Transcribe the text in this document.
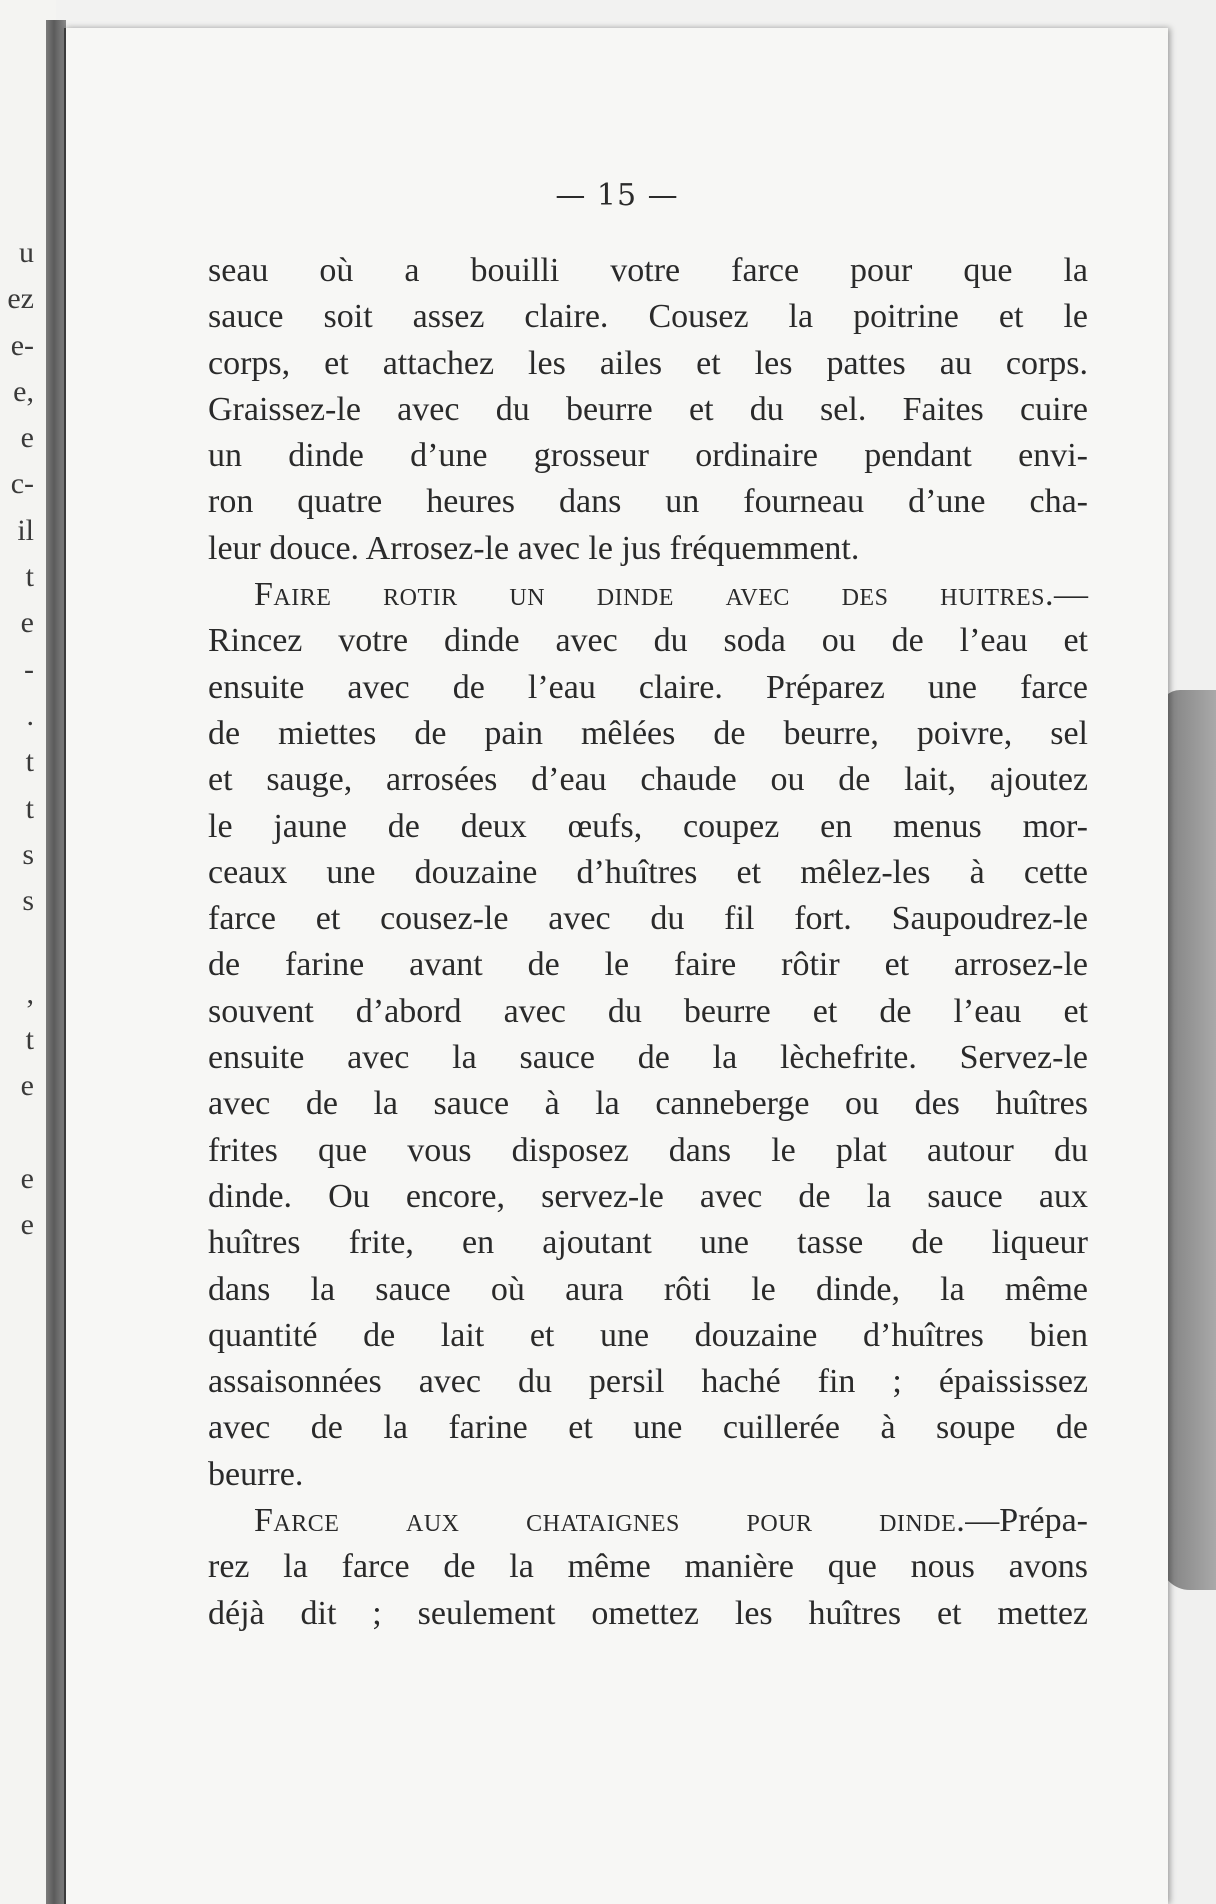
u
ez
e-
e,
e
c-
il
t
e
-
.
t
t
s
s
,
t
e
e
e
— 15 —
seau où a bouilli votre farce pour que la
sauce soit assez claire. Cousez la poitrine et le
corps, et attachez les ailes et les pattes au corps.
Graissez-le avec du beurre et du sel. Faites cuire
un dinde d’une grosseur ordinaire pendant envi-
ron quatre heures dans un fourneau d’une cha-
leur douce. Arrosez-le avec le jus fréquemment.
Faire rotir un dinde avec des huitres.—
Rincez votre dinde avec du soda ou de l’eau et
ensuite avec de l’eau claire. Préparez une farce
de miettes de pain mêlées de beurre, poivre, sel
et sauge, arrosées d’eau chaude ou de lait, ajoutez
le jaune de deux œufs, coupez en menus mor-
ceaux une douzaine d’huîtres et mêlez-les à cette
farce et cousez-le avec du fil fort. Saupoudrez-le
de farine avant de le faire rôtir et arrosez-le
souvent d’abord avec du beurre et de l’eau et
ensuite avec la sauce de la lèchefrite. Servez-le
avec de la sauce à la canneberge ou des huîtres
frites que vous disposez dans le plat autour du
dinde. Ou encore, servez-le avec de la sauce aux
huîtres frite, en ajoutant une tasse de liqueur
dans la sauce où aura rôti le dinde, la même
quantité de lait et une douzaine d’huîtres bien
assaisonnées avec du persil haché fin ; épaississez
avec de la farine et une cuillerée à soupe de
beurre.
Farce aux chataignes pour dinde.—Prépa-
rez la farce de la même manière que nous avons
déjà dit ; seulement omettez les huîtres et mettez
